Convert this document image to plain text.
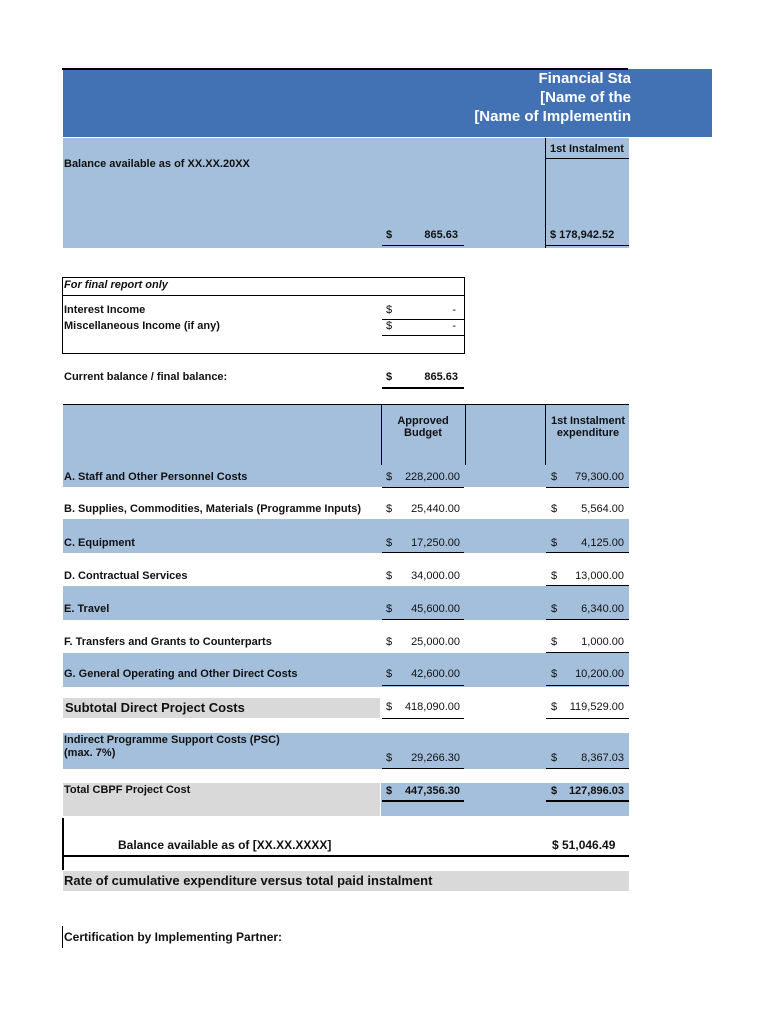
Financial Sta
[Name of the
[Name of Implementin
1st Instalment
Balance available as of XX.XX.20XX
$	865.63	$ 178,942.52
For final report only
Interest Income	$	-
Miscellaneous Income (if any)	$	-
Current balance / final balance:	$	865.63
Approved Budget
1st Instalment expenditure
A. Staff and Other Personnel Costs	$	228,200.00	$	79,300.00
B. Supplies, Commodities, Materials (Programme Inputs) $	25,440.00	$	5,564.00
C. Equipment	$	17,250.00	$	4,125.00
D. Contractual Services	$	34,000.00	$	13,000.00
E. Travel	$	45,600.00	$	6,340.00
F. Transfers and Grants to Counterparts	$	25,000.00	$	1,000.00
G. General Operating and Other Direct Costs	$	42,600.00	$	10,200.00
Subtotal Direct Project Costs	$	418,090.00	$	119,529.00
Indirect Programme Support Costs (PSC)
(max. 7%)	$	29,266.30	$	8,367.03
Total CBPF Project Cost	$	447,356.30	$	127,896.03
Balance available as of [XX.XX.XXXX]	$ 51,046.49
Rate of cumulative expenditure versus total paid instalment
Certification by Implementing Partner:
